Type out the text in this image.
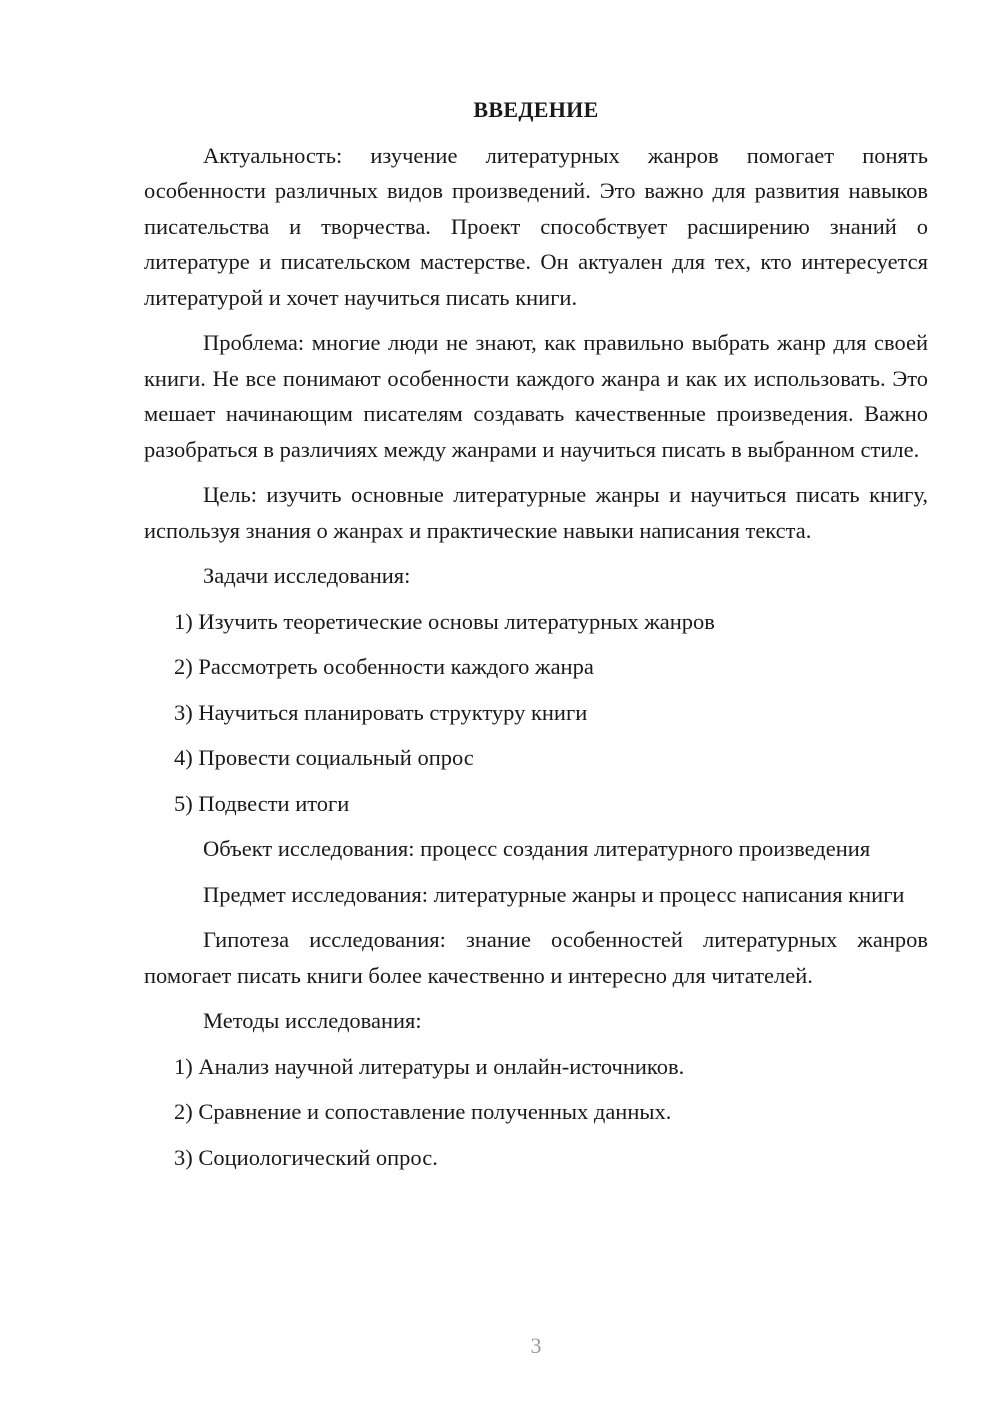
ВВЕДЕНИЕ
Актуальность: изучение литературных жанров помогает понять особенности различных видов произведений. Это важно для развития навыков писательства и творчества. Проект способствует расширению знаний о литературе и писательском мастерстве. Он актуален для тех, кто интересуется литературой и хочет научиться писать книги.
Проблема: многие люди не знают, как правильно выбрать жанр для своей книги. Не все понимают особенности каждого жанра и как их использовать. Это мешает начинающим писателям создавать качественные произведения. Важно разобраться в различиях между жанрами и научиться писать в выбранном стиле.
Цель: изучить основные литературные жанры и научиться писать книгу, используя знания о жанрах и практические навыки написания текста.
Задачи исследования:
1) Изучить теоретические основы литературных жанров
2) Рассмотреть особенности каждого жанра
3) Научиться планировать структуру книги
4) Провести социальный опрос
5) Подвести итоги
Объект исследования: процесс создания литературного произведения
Предмет исследования: литературные жанры и процесс написания книги
Гипотеза исследования: знание особенностей литературных жанров помогает писать книги более качественно и интересно для читателей.
Методы исследования:
1) Анализ научной литературы и онлайн-источников.
2) Сравнение и сопоставление полученных данных.
3) Социологический опрос.
3
